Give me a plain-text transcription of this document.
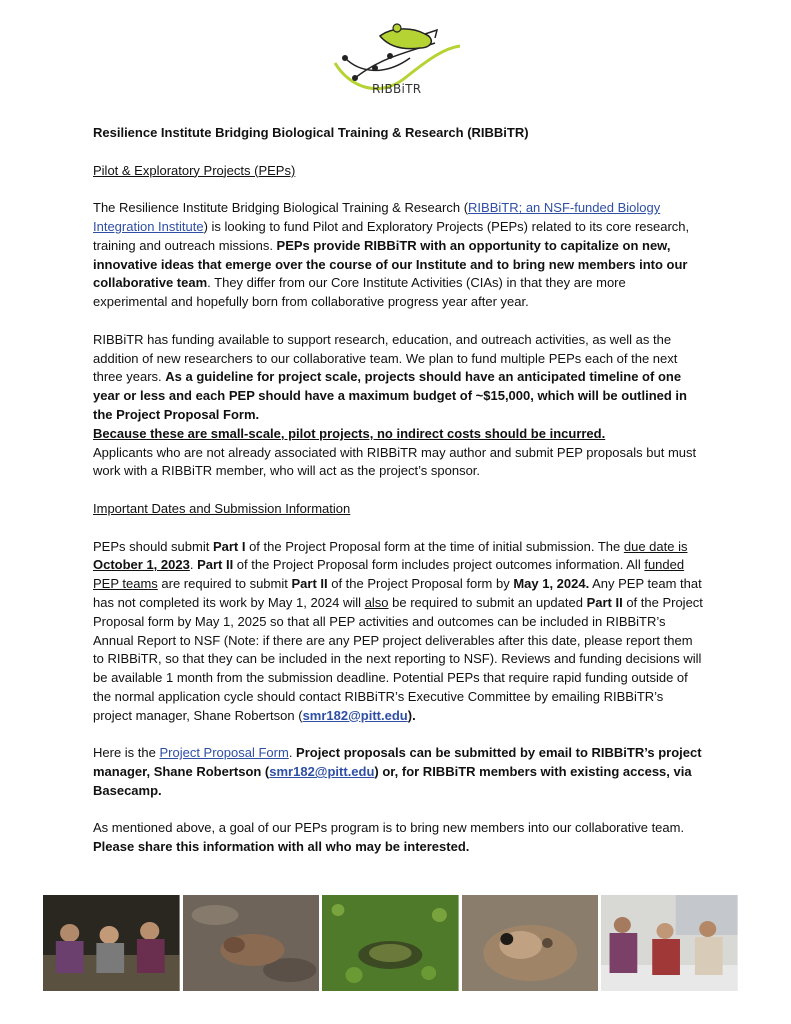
RIBBiTR

Resilience Institute Bridging Biological Training & Research (RIBBiTR)

Pilot & Exploratory Projects (PEPs)

The Resilience Institute Bridging Biological Training & Research (RIBBiTR; an NSF-funded Biology Integration Institute) is looking to fund Pilot and Exploratory Projects (PEPs) related to its core research, training and outreach missions. PEPs provide RIBBiTR with an opportunity to capitalize on new, innovative ideas that emerge over the course of our Institute and to bring new members into our collaborative team. They differ from our Core Institute Activities (CIAs) in that they are more experimental and hopefully born from collaborative progress year after year.

RIBBiTR has funding available to support research, education, and outreach activities, as well as the addition of new researchers to our collaborative team. We plan to fund multiple PEPs each of the next three years. As a guideline for project scale, projects should have an anticipated timeline of one year or less and each PEP should have a maximum budget of ~$15,000, which will be outlined in the Project Proposal Form.
Because these are small-scale, pilot projects, no indirect costs should be incurred.
Applicants who are not already associated with RIBBiTR may author and submit PEP proposals but must work with a RIBBiTR member, who will act as the project’s sponsor.

Important Dates and Submission Information

PEPs should submit Part I of the Project Proposal form at the time of initial submission. The due date is October 1, 2023. Part II of the Project Proposal form includes project outcomes information. All funded PEP teams are required to submit Part II of the Project Proposal form by May 1, 2024. Any PEP team that has not completed its work by May 1, 2024 will also be required to submit an updated Part II of the Project Proposal form by May 1, 2025 so that all PEP activities and outcomes can be included in RIBBiTR’s Annual Report to NSF (Note: if there are any PEP project deliverables after this date, please report them to RIBBiTR, so that they can be included in the next reporting to NSF). Reviews and funding decisions will be available 1 month from the submission deadline. Potential PEPs that require rapid funding outside of the normal application cycle should contact RIBBiTR’s Executive Committee by emailing RIBBiTR’s project manager, Shane Robertson (smr182@pitt.edu).

Here is the Project Proposal Form. Project proposals can be submitted by email to RIBBiTR’s project manager, Shane Robertson (smr182@pitt.edu) or, for RIBBiTR members with existing access, via Basecamp.

As mentioned above, a goal of our PEPs program is to bring new members into our collaborative team. Please share this information with all who may be interested.
